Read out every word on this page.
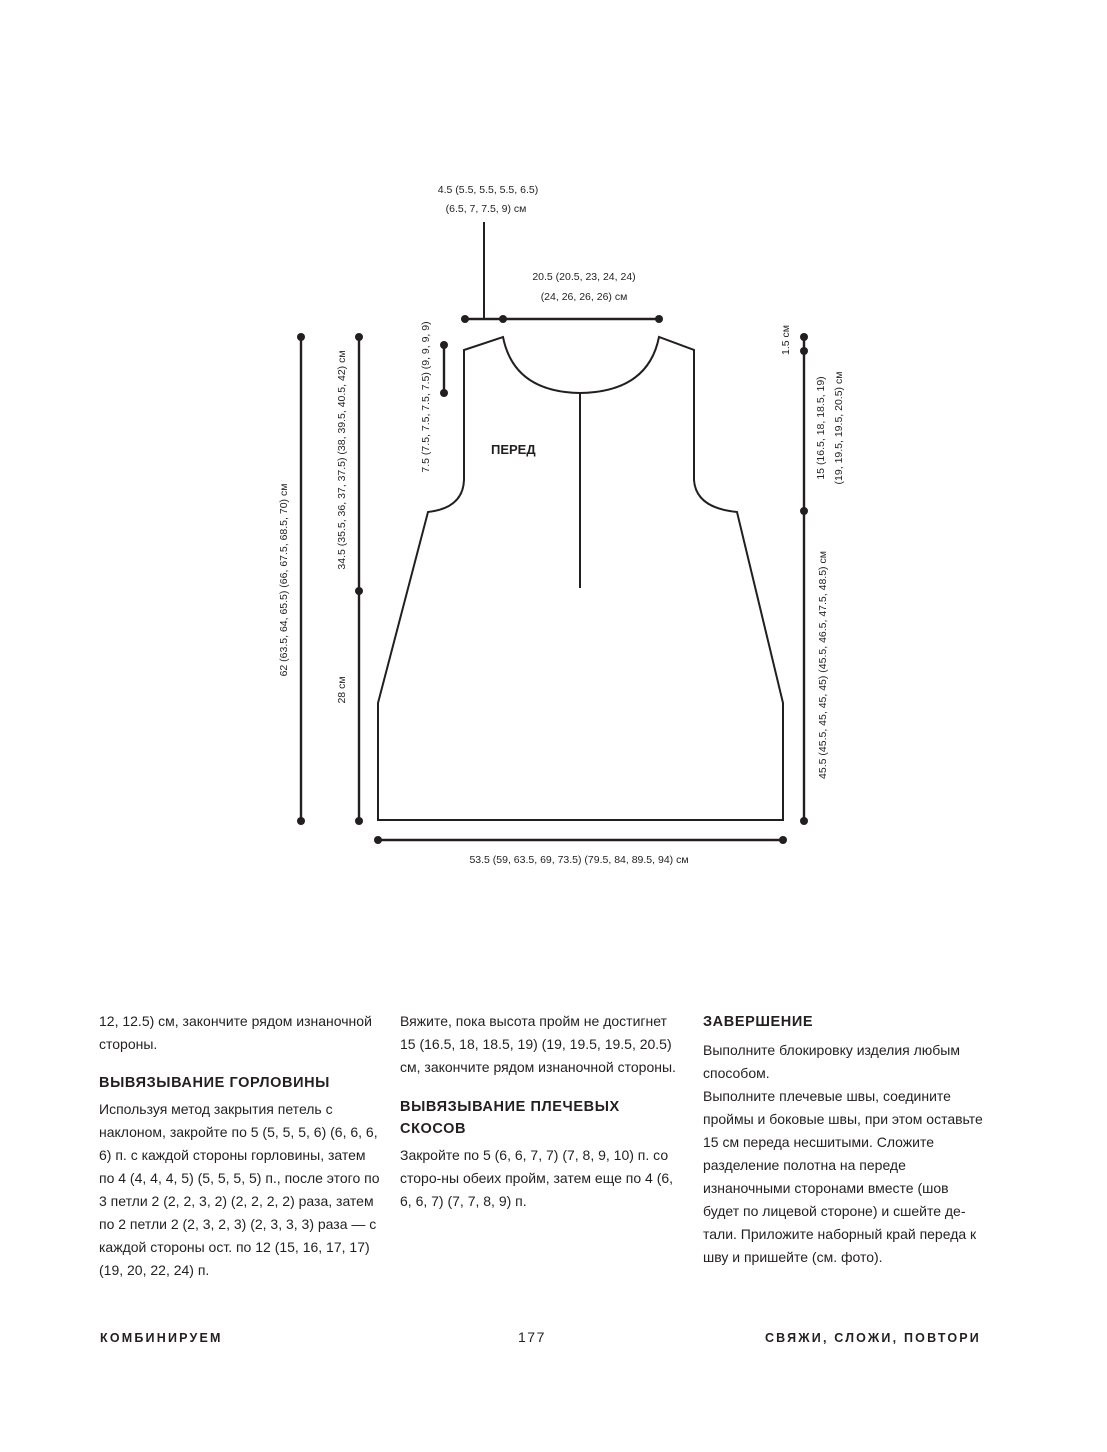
ПЕРЕД
4.5 (5.5, 5.5, 5.5, 6.5)
(6.5, 7, 7.5, 9) см
20.5 (20.5, 23, 24, 24)
(24, 26, 26, 26) см
7.5 (7.5, 7.5, 7.5, 7.5) (9, 9, 9, 9)
62 (63.5, 64, 65.5) (66, 67.5, 68.5, 70) см
34.5 (35.5, 36, 37, 37.5) (38, 39.5, 40.5, 42) см
28 см
1.5 см
15 (16.5, 18, 18.5, 19) (19, 19.5, 19.5, 20.5) см
45.5 (45.5, 45, 45, 45) (45.5, 46.5, 47.5, 48.5) см
53.5 (59, 63.5, 69, 73.5) (79.5, 84, 89.5, 94) см

12, 12.5) см, закончите рядом изнаночной стороны.

ВЫВЯЗЫВАНИЕ ГОРЛОВИНЫ

Используя метод закрытия петель с наклоном, закройте по 5 (5, 5, 5, 6) (6, 6, 6, 6) п. с каждой стороны горловины, затем по 4 (4, 4, 4, 5) (5, 5, 5, 5) п., после этого по 3 петли 2 (2, 2, 3, 2) (2, 2, 2, 2) раза, затем по 2 петли 2 (2, 3, 2, 3) (2, 3, 3, 3) раза — с каждой стороны ост. по 12 (15, 16, 17, 17) (19, 20, 22, 24) п.

Вяжите, пока высота пройм не достигнет 15 (16.5, 18, 18.5, 19) (19, 19.5, 19.5, 20.5) см, закончите рядом изнаночной стороны.

ВЫВЯЗЫВАНИЕ ПЛЕЧЕВЫХ СКОСОВ

Закройте по 5 (6, 6, 7, 7) (7, 8, 9, 10) п. со сторо-ны обеих пройм, затем еще по 4 (6, 6, 6, 7) (7, 7, 8, 9) п.

ЗАВЕРШЕНИЕ

Выполните блокировку изделия любым способом.

Выполните плечевые швы, соедините проймы и боковые швы, при этом оставьте 15 см переда несшитыми. Сложите разделение полотна на переде изнаночными сторонами вместе (шов будет по лицевой стороне) и сшейте де-тали. Приложите наборный край переда к шву и пришейте (см. фото).

КОМБИНИРУЕМ	177	СВЯЖИ, СЛОЖИ, ПОВТОРИ
